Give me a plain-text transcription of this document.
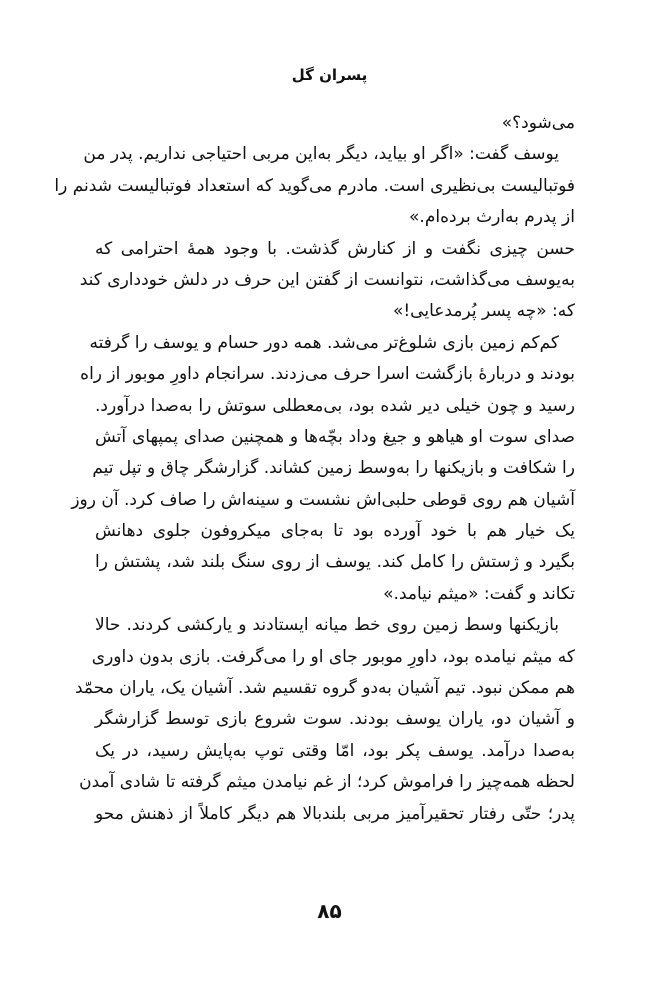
پسران گل
می‌شود؟»
یوسف گفت: «اگر او بیاید، دیگر به‌این مربی احتیاجی نداریم. پدر من
فوتبالیست بی‌نظیری است. مادرم می‌گوید که استعداد فوتبالیست شدنم را
از پدرم به‌ارث برده‌ام.»
حسن چیزی نگفت و از کنارش گذشت. با وجود همهٔ احترامی که
به‌یوسف می‌گذاشت، نتوانست از گفتن این حرف در دلش خودداری کند
که: «چه پسر پُرمدعایی!»
کم‌کم زمین بازی شلوغ‌تر می‌شد. همه دور حسام و یوسف را گرفته
بودند و دربارهٔ بازگشت اسرا حرف می‌زدند. سرانجام داورِ موبور از راه
رسید و چون خیلی دیر شده بود، بی‌معطلی سوتش را به‌صدا درآورد.
صدای سوت او هیاهو و جیغ وداد بچّه‌ها و همچنین صدای پمپهای آتش
را شکافت و بازیکنها را به‌وسط زمین کشاند. گزارشگر چاق و تپل تیم
آشیان هم روی قوطی حلبی‌اش نشست و سینه‌اش را صاف کرد. آن روز
یک خیار هم با خود آورده بود تا به‌جای میکروفون جلوی دهانش
بگیرد و ژستش را کامل کند. یوسف از روی سنگ بلند شد، پشتش را
تکاند و گفت: «میثم نیامد.»
بازیکنها وسط زمین روی خط میانه ایستادند و یارکشی کردند. حالا
که میثم نیامده بود، داورِ موبور جای او را می‌گرفت. بازی بدون داوری
هم ممکن نبود. تیم آشیان به‌دو گروه تقسیم شد. آشیان یک، یاران محمّد
و آشیان دو، یاران یوسف بودند. سوت شروع بازی توسط گزارشگر
به‌صدا درآمد. یوسف پکر بود، امّا وقتی توپ به‌پایش رسید، در یک
لحظه همه‌چیز را فراموش کرد؛ از غم نیامدن میثم گرفته تا شادی آمدن
پدر؛ حتّی رفتار تحقیرآمیز مربی بلندبالا هم دیگر کاملاً از ذهنش محو
۸۵
